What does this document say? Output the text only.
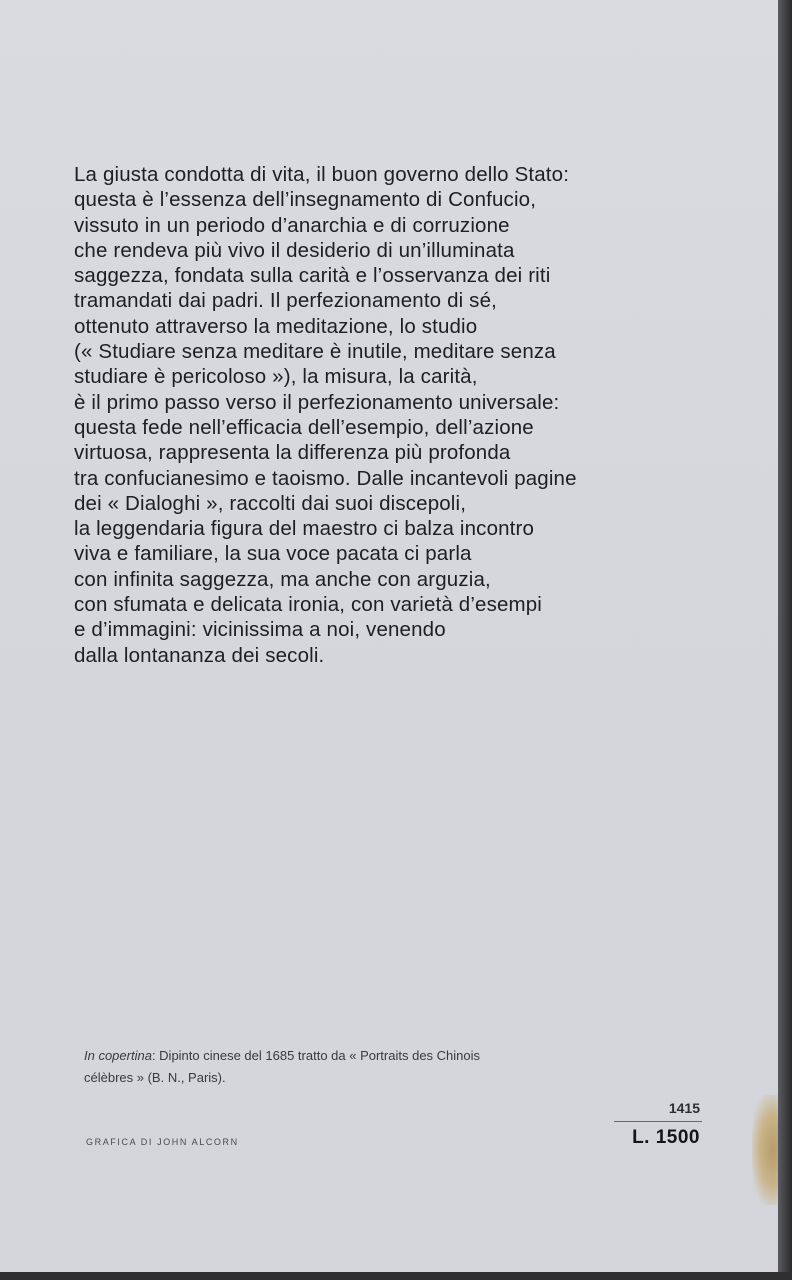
La giusta condotta di vita, il buon governo dello Stato:
questa è l’essenza dell’insegnamento di Confucio,
vissuto in un periodo d’anarchia e di corruzione
che rendeva più vivo il desiderio di un’illuminata
saggezza, fondata sulla carità e l’osservanza dei riti
tramandati dai padri. Il perfezionamento di sé,
ottenuto attraverso la meditazione, lo studio
(« Studiare senza meditare è inutile, meditare senza
studiare è pericoloso »), la misura, la carità,
è il primo passo verso il perfezionamento universale:
questa fede nell’efficacia dell’esempio, dell’azione
virtuosa, rappresenta la differenza più profonda
tra confucianesimo e taoismo. Dalle incantevoli pagine
dei « Dialoghi », raccolti dai suoi discepoli,
la leggendaria figura del maestro ci balza incontro
viva e familiare, la sua voce pacata ci parla
con infinita saggezza, ma anche con arguzia,
con sfumata e delicata ironia, con varietà d’esempi
e d’immagini: vicinissima a noi, venendo
dalla lontananza dei secoli.

In copertina: Dipinto cinese del 1685 tratto da « Portraits des Chinois

célèbres » (B. N., Paris).

GRAFICA DI JOHN ALCORN
1415
L. 1500
